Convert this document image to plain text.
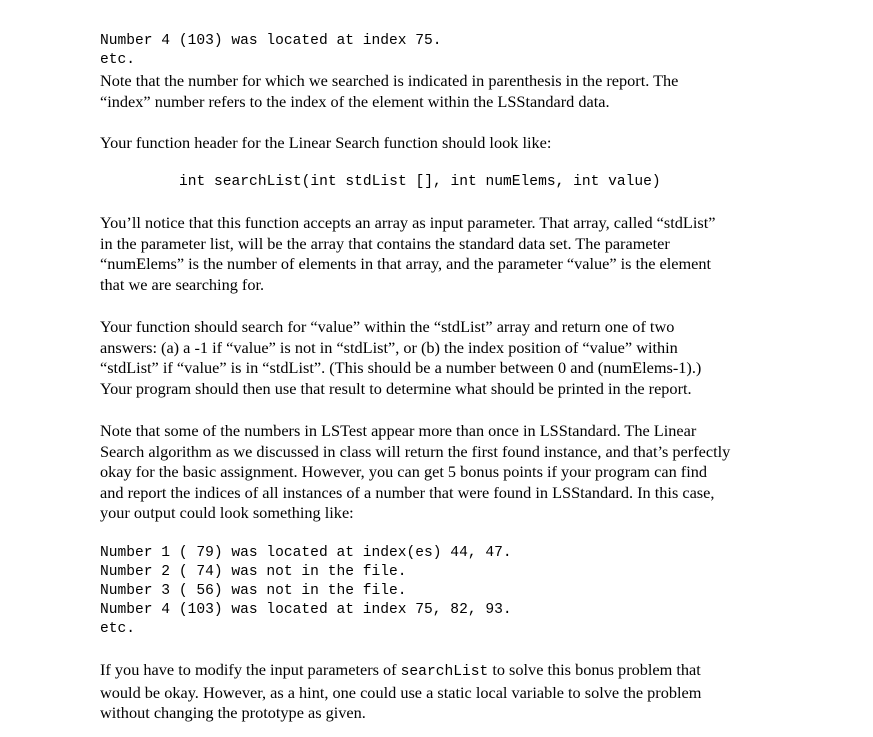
Number 4 (103) was located at index 75.
etc.

Note that the number for which we searched is indicated in parenthesis in the report. The
“index” number refers to the index of the element within the LSStandard data.

Your function header for the Linear Search function should look like:

int searchList(int stdList [], int numElems, int value)

You’ll notice that this function accepts an array as input parameter. That array, called “stdList”
in the parameter list, will be the array that contains the standard data set. The parameter
“numElems” is the number of elements in that array, and the parameter “value” is the element
that we are searching for.

Your function should search for “value” within the “stdList” array and return one of two
answers: (a) a -1 if “value” is not in “stdList”, or (b) the index position of “value” within
“stdList” if “value” is in “stdList”. (This should be a number between 0 and (numElems-1).)
Your program should then use that result to determine what should be printed in the report.

Note that some of the numbers in LSTest appear more than once in LSStandard. The Linear
Search algorithm as we discussed in class will return the first found instance, and that’s perfectly
okay for the basic assignment. However, you can get 5 bonus points if your program can find
and report the indices of all instances of a number that were found in LSStandard. In this case,
your output could look something like:

Number 1 ( 79) was located at index(es) 44, 47.
Number 2 ( 74) was not in the file.
Number 3 ( 56) was not in the file.
Number 4 (103) was located at index 75, 82, 93.
etc.

If you have to modify the input parameters of searchList to solve this bonus problem that
would be okay. However, as a hint, one could use a static local variable to solve the problem
without changing the prototype as given.
